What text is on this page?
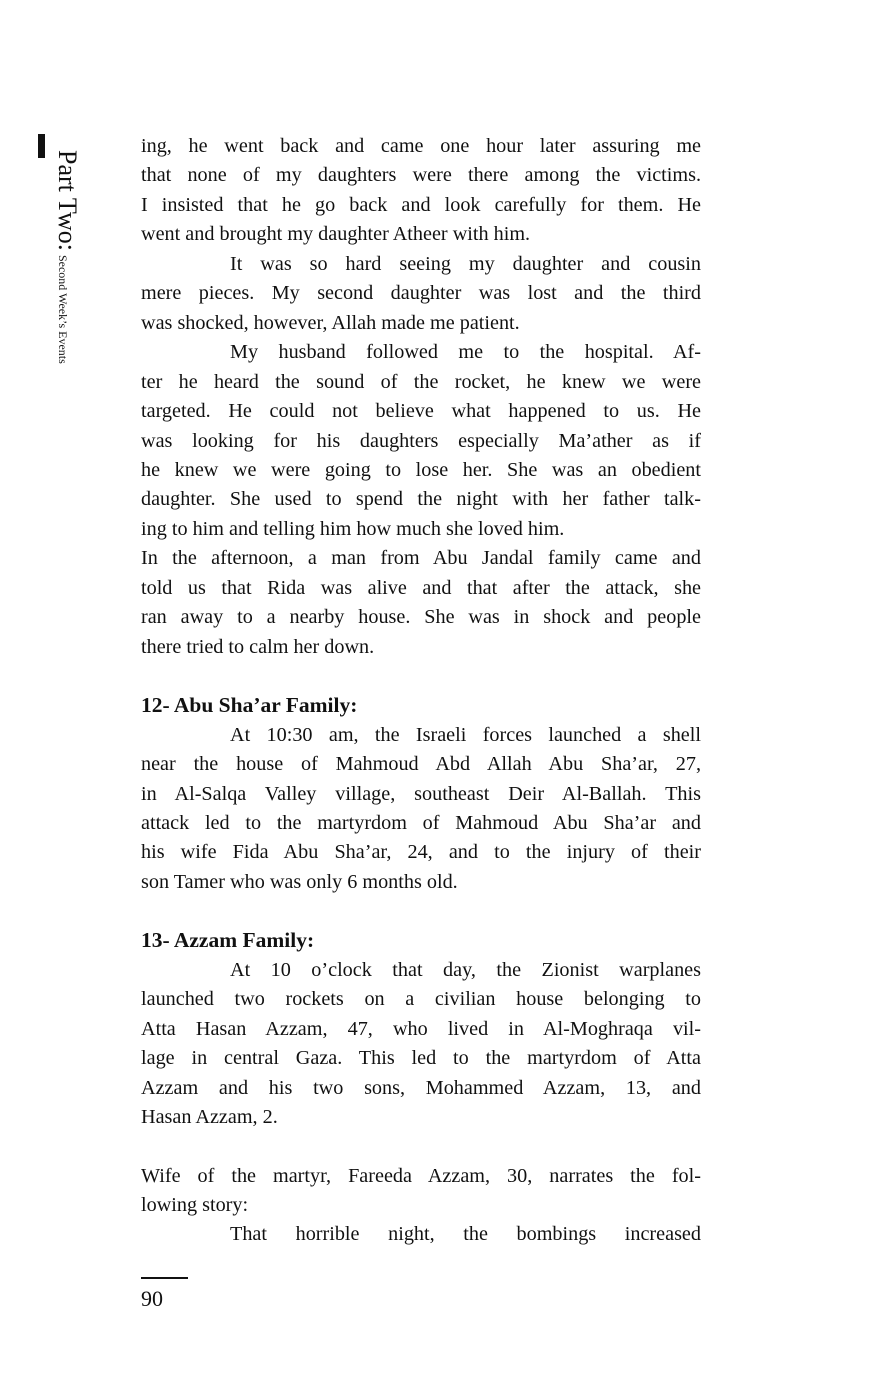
Part Two:Second Week’s Events
ing, he went back and came one hour later assuring me
that none of my daughters were there among the victims.
I insisted that he go back and look carefully for them. He
went and brought my daughter Atheer with him.
It was so hard seeing my daughter and cousin
mere pieces. My second daughter was lost and the third
was shocked, however, Allah made me patient.
My husband followed me to the hospital. Af-
ter he heard the sound of the rocket, he knew we were
targeted. He could not believe what happened to us. He
was looking for his daughters especially Ma’ather as if
he knew we were going to lose her. She was an obedient
daughter. She used to spend the night with her father talk-
ing to him and telling him how much she loved him.
In the afternoon, a man from Abu Jandal family came and
told us that Rida was alive and that after the attack, she
ran away to a nearby house. She was in shock and people
there tried to calm her down.
12- Abu Sha’ar Family:
At 10:30 am, the Israeli forces launched a shell
near the house of Mahmoud Abd Allah Abu Sha’ar, 27,
in Al-Salqa Valley village, southeast Deir Al-Ballah. This
attack led to the martyrdom of Mahmoud Abu Sha’ar and
his wife Fida Abu Sha’ar, 24, and to the injury of their
son Tamer who was only 6 months old.
13- Azzam Family:
At 10 o’clock that day, the Zionist warplanes
launched two rockets on a civilian house belonging to
Atta Hasan Azzam, 47, who lived in Al-Moghraqa vil-
lage in central Gaza. This led to the martyrdom of Atta
Azzam and his two sons, Mohammed Azzam, 13, and
Hasan Azzam, 2.
Wife of the martyr, Fareeda Azzam, 30, narrates the fol-
lowing story:
That horrible night, the bombings increased
90
